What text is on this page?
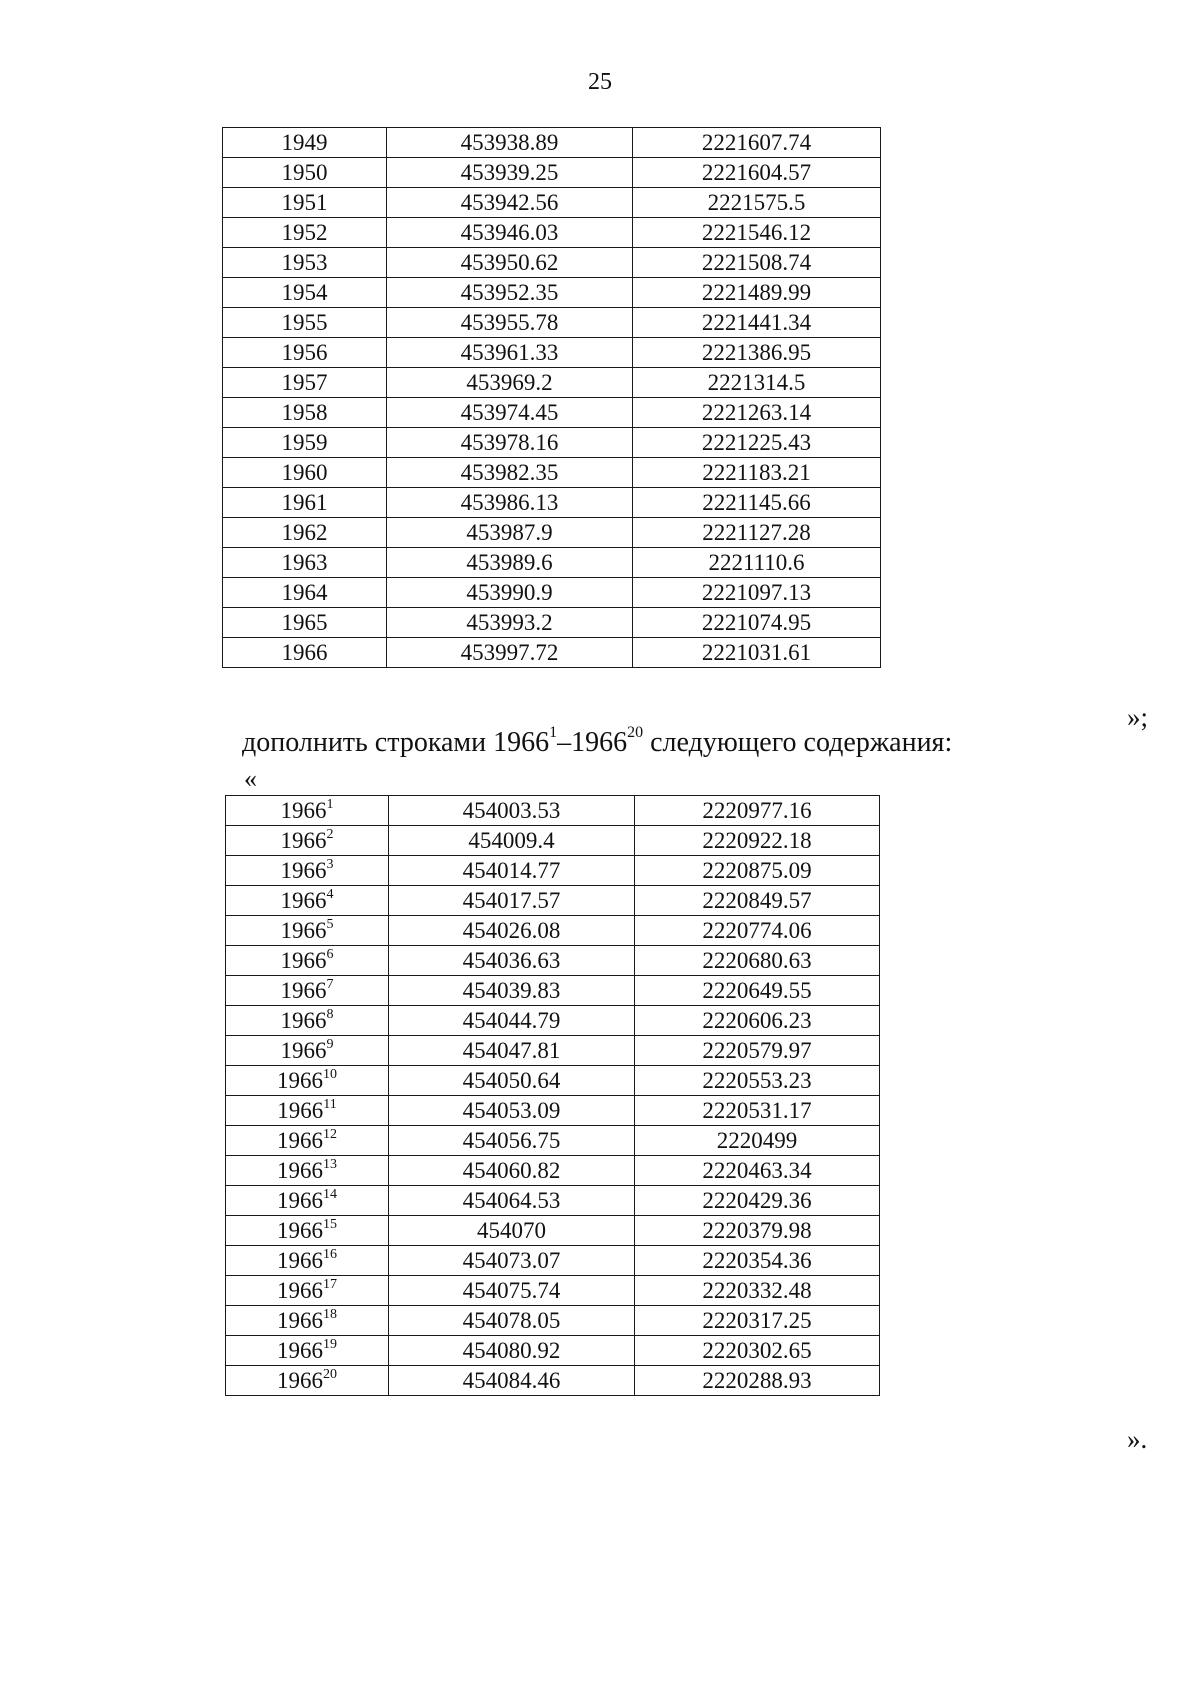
25
1949	453938.89	2221607.74
1950	453939.25	2221604.57
1951	453942.56	2221575.5
1952	453946.03	2221546.12
1953	453950.62	2221508.74
1954	453952.35	2221489.99
1955	453955.78	2221441.34
1956	453961.33	2221386.95
1957	453969.2	2221314.5
1958	453974.45	2221263.14
1959	453978.16	2221225.43
1960	453982.35	2221183.21
1961	453986.13	2221145.66
1962	453987.9	2221127.28
1963	453989.6	2221110.6
1964	453990.9	2221097.13
1965	453993.2	2221074.95
1966	453997.72	2221031.61
»;
дополнить строками 1966$^1$–1966$^{20}$ следующего содержания:
«
1966$^1$	454003.53	2220977.16
1966$^2$	454009.4	2220922.18
1966$^3$	454014.77	2220875.09
1966$^4$	454017.57	2220849.57
1966$^5$	454026.08	2220774.06
1966$^6$	454036.63	2220680.63
1966$^7$	454039.83	2220649.55
1966$^8$	454044.79	2220606.23
1966$^9$	454047.81	2220579.97
1966$^{10}$	454050.64	2220553.23
1966$^{11}$	454053.09	2220531.17
1966$^{12}$	454056.75	2220499
1966$^{13}$	454060.82	2220463.34
1966$^{14}$	454064.53	2220429.36
1966$^{15}$	454070	2220379.98
1966$^{16}$	454073.07	2220354.36
1966$^{17}$	454075.74	2220332.48
1966$^{18}$	454078.05	2220317.25
1966$^{19}$	454080.92	2220302.65
1966$^{20}$	454084.46	2220288.93
».
